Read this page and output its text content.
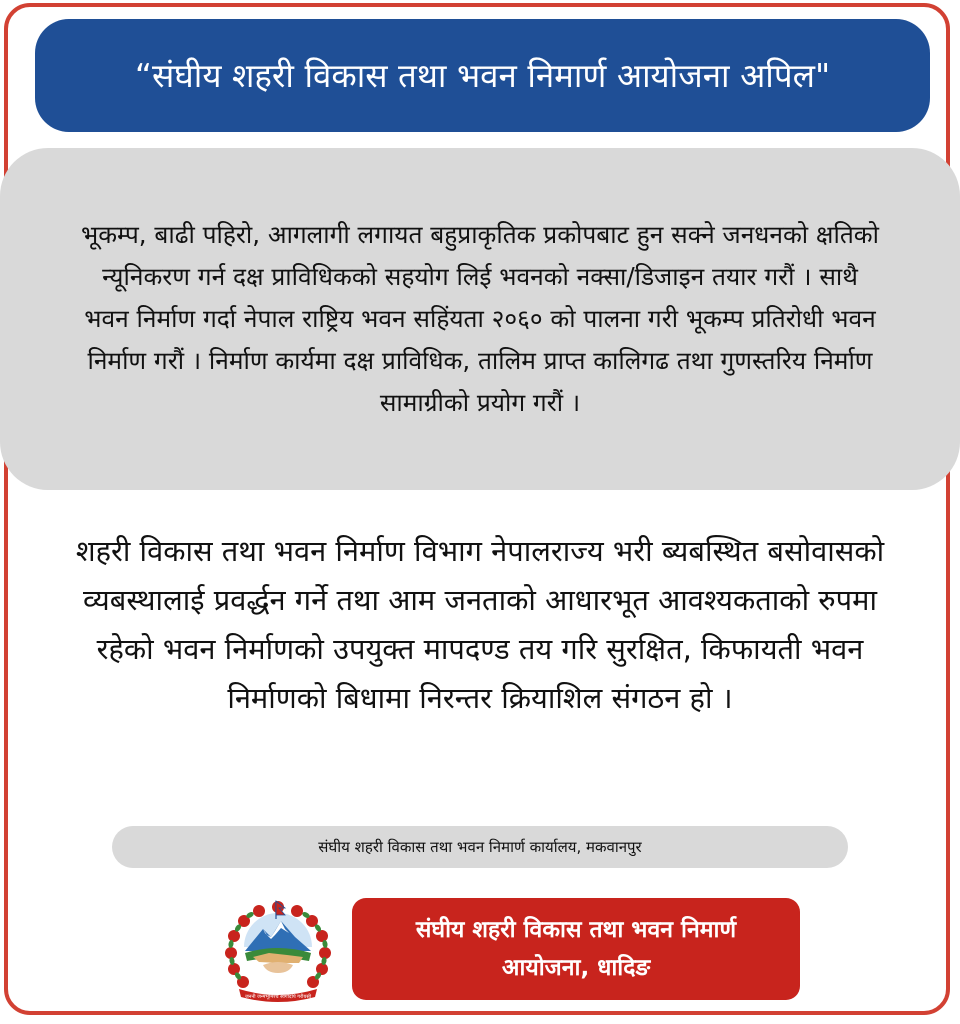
“संघीय शहरी विकास तथा भवन निमार्ण आयोजना अपिल"

भूकम्प, बाढी पहिरो, आगलागी लगायत बहुप्राकृतिक प्रकोपबाट हुन सक्ने जनधनको क्षतिको न्यूनिकरण गर्न दक्ष प्राविधिकको सहयोग लिई भवनको नक्सा/डिजाइन तयार गरौं । साथै भवन निर्माण गर्दा नेपाल राष्ट्रिय भवन सहिंयता २०६० को पालना गरी भूकम्प प्रतिरोधी भवन निर्माण गरौं । निर्माण कार्यमा दक्ष प्राविधिक, तालिम प्राप्त कालिगढ तथा गुणस्तरिय निर्माण सामाग्रीको प्रयोग गरौं ।

शहरी विकास तथा भवन निर्माण विभाग नेपालराज्य भरी ब्यबस्थित बसोवासको व्यबस्थालाई प्रवर्द्धन गर्ने तथा आम जनताको आधारभूत आवश्यकताको रुपमा रहेको भवन निर्माणको उपयुक्त मापदण्ड तय गरि सुरक्षित, किफायती भवन निर्माणको बिधामा निरन्तर क्रियाशिल संगठन हो ।

संघीय शहरी विकास तथा भवन निमार्ण कार्यालय, मकवानपुर
जननी जन्मभूमिश्च स्वर्गादपि गरीयसी

संघीय शहरी विकास तथा भवन निमार्ण आयोजना, धादिङ
